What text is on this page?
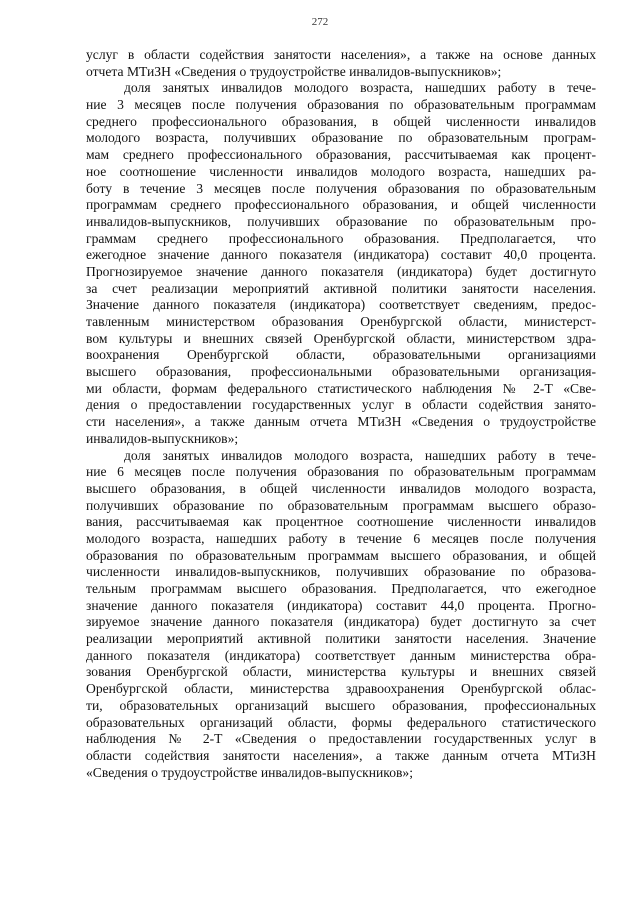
272
услуг в области содействия занятости населения», а также на основе данных
отчета МТиЗН «Сведения о трудоустройстве инвалидов-выпускников»;
доля занятых инвалидов молодого возраста, нашедших работу в тече-
ние 3 месяцев после получения образования по образовательным программам
среднего профессионального образования, в общей численности инвалидов
молодого возраста, получивших образование по образовательным програм-
мам среднего профессионального образования, рассчитываемая как процент-
ное соотношение численности инвалидов молодого возраста, нашедших ра-
боту в течение 3 месяцев после получения образования по образовательным
программам среднего профессионального образования, и общей численности
инвалидов-выпускников, получивших образование по образовательным про-
граммам среднего профессионального образования. Предполагается, что
ежегодное значение данного показателя (индикатора) составит 40,0 процента.
Прогнозируемое значение данного показателя (индикатора) будет достигнуто
за счет реализации мероприятий активной политики занятости населения.
Значение данного показателя (индикатора) соответствует сведениям, предос-
тавленным министерством образования Оренбургской области, министерст-
вом культуры и внешних связей Оренбургской области, министерством здра-
воохранения Оренбургской области, образовательными организациями
высшего образования, профессиональными образовательными организация-
ми области, формам федерального статистического наблюдения № 2-Т «Све-
дения о предоставлении государственных услуг в области содействия занято-
сти населения», а также данным отчета МТиЗН «Сведения о трудоустройстве
инвалидов-выпускников»;
доля занятых инвалидов молодого возраста, нашедших работу в тече-
ние 6 месяцев после получения образования по образовательным программам
высшего образования, в общей численности инвалидов молодого возраста,
получивших образование по образовательным программам высшего образо-
вания, рассчитываемая как процентное соотношение численности инвалидов
молодого возраста, нашедших работу в течение 6 месяцев после получения
образования по образовательным программам высшего образования, и общей
численности инвалидов-выпускников, получивших образование по образова-
тельным программам высшего образования. Предполагается, что ежегодное
значение данного показателя (индикатора) составит 44,0 процента. Прогно-
зируемое значение данного показателя (индикатора) будет достигнуто за счет
реализации мероприятий активной политики занятости населения. Значение
данного показателя (индикатора) соответствует данным министерства обра-
зования Оренбургской области, министерства культуры и внешних связей
Оренбургской области, министерства здравоохранения Оренбургской облас-
ти, образовательных организаций высшего образования, профессиональных
образовательных организаций области, формы федерального статистического
наблюдения № 2-Т «Сведения о предоставлении государственных услуг в
области содействия занятости населения», а также данным отчета МТиЗН
«Сведения о трудоустройстве инвалидов-выпускников»;
